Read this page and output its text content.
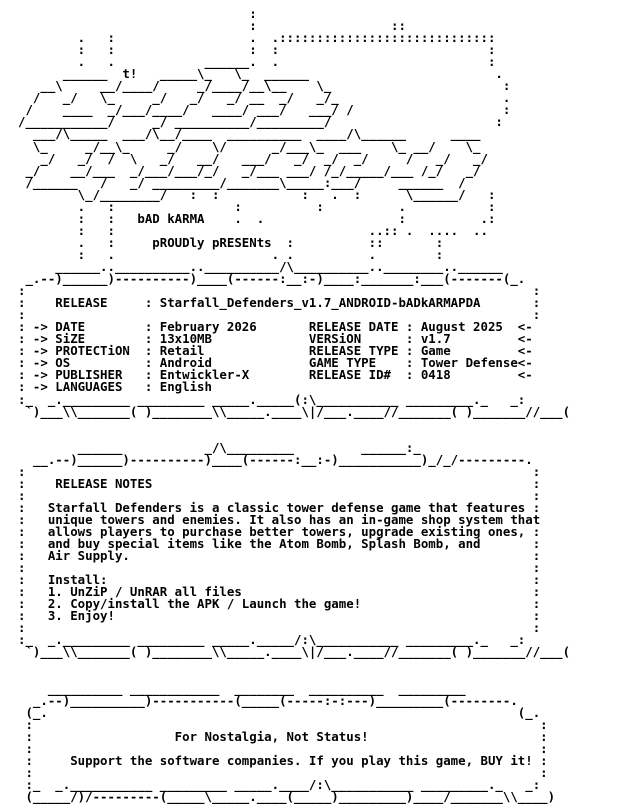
:
:                  ::
.   :                  .  .:::::::::::::::::::::::::::::
:   :                  :  :                            :
.   .            ______.  .                            :
______  t!   _____\_   \_  ______                         .
__\     __/____/     _/____/__\__    \_                       :
/   _/   \_     _/   _/   _/ __  _/   _/_                      .
/    ____  _/___/____/   ____/ ___/   ___/ /                    :
/___________/     _/ __________/_________/                      :
___/\_____  ___/\__/____  __________  ____/\______      ____
\_     _/__\_     _/    \/      _/___\_  ___    \_ __/    \_
_/   _/  /  \   _/   __/   ___/   _/  _/  _/     /   _/   _/
_/    __/___  _/___/___/_/   _/___ ___/ /_/_____/___ /_/   _/
/______   /   _/ _________/_______\_____:___/     ______  /
\_/________/   :  :           :   .  :      \______/   :
.   :                :          :          .           :
:   :   bAD kARMA    .  .                  :          .:
:   :                                  ..:: .  ....  ..
.   :     pROUDly pRESENts  :          ::       :
:   .                     . .          .        :
______..__________..__________/\__________..________..______
_.--)______)----------)____(------:__:-)____:_______:___(-------(_.
:                                                                    :
:    RELEASE     : Starfall_Defenders_v1.7_ANDROID-bADkARMAPDA       :
:                                                                    :
: -> DATE        : February 2026       RELEASE DATE : August 2025  <-
: -> SiZE        : 13x10MB             VERSiON      : v1.7         <-
: -> PROTECTiON  : Retail              RELEASE TYPE : Game         <-
: -> OS          : Android             GAME TYPE    : Tower Defense<-
: -> PUBLISHER   : Entwickler-X        RELEASE ID#  : 0418         <-
: -> LANGUAGES   : English
:_  _._________ _________ _____._____(:\___________ _________._   _:
`)___\\_______( )________\\_____.____\|/___.____//_______( )_______//___(
______           _/\_________         ______:_
__.--)______)----------)____(------:__:-)___________)_/_/---------.
:                                                                    :
:    RELEASE NOTES                                                   :
:                                                                    :
:   Starfall Defenders is a classic tower defense game that features :
:   unique towers and enemies. It also has an in-game shop system that
:   allows players to purchase better towers, upgrade existing ones, :
:   and buy special items like the Atom Bomb, Splash Bomb, and       :
:   Air Supply.                                                      :
:                                                                    :
:   Install:                                                         :
:   1. UnZiP / UnRAR all files                                       :
:   2. Copy/install the APK / Launch the game!                       :
:   3. Enjoy!                                                        :
:                                                                    :
:_  _._________ _________ _____._____/:\___________ _________._   _:
`)___\\_______( )________\\_____.____\|/___.____//_______( )_______//___(
__________ ____________  ________  __________  _________
_.--)__________)-----------(_____(-----:-:---)_________(--------.
(_.                                                               (_.
:                                                                    :
:                   For Nostalgia, Not Status!                       :
:                                                                    :
:     Support the software companies. If you play this game, BUY it! :
:                                                                    :
:_  _.___________ _________ _____.____/:\___________ _________._   _:
(_____/)/---------(_____\_____.____(_____)_________)____/_______\\____)
